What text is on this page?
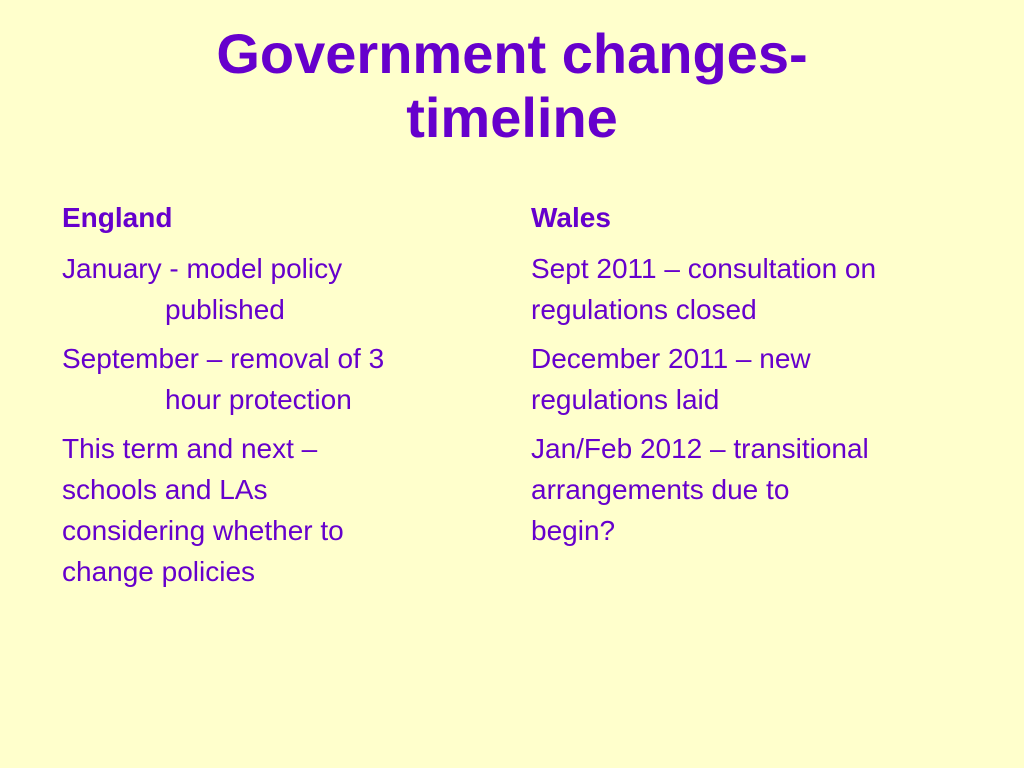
Government changes-
timeline
England
January - model policy
published
September – removal of 3
hour protection
This term and next –
schools and LAs
considering whether to
change policies
Wales
Sept 2011 – consultation on
regulations closed
December 2011 – new
regulations laid
Jan/Feb 2012 – transitional
arrangements due to
begin?
